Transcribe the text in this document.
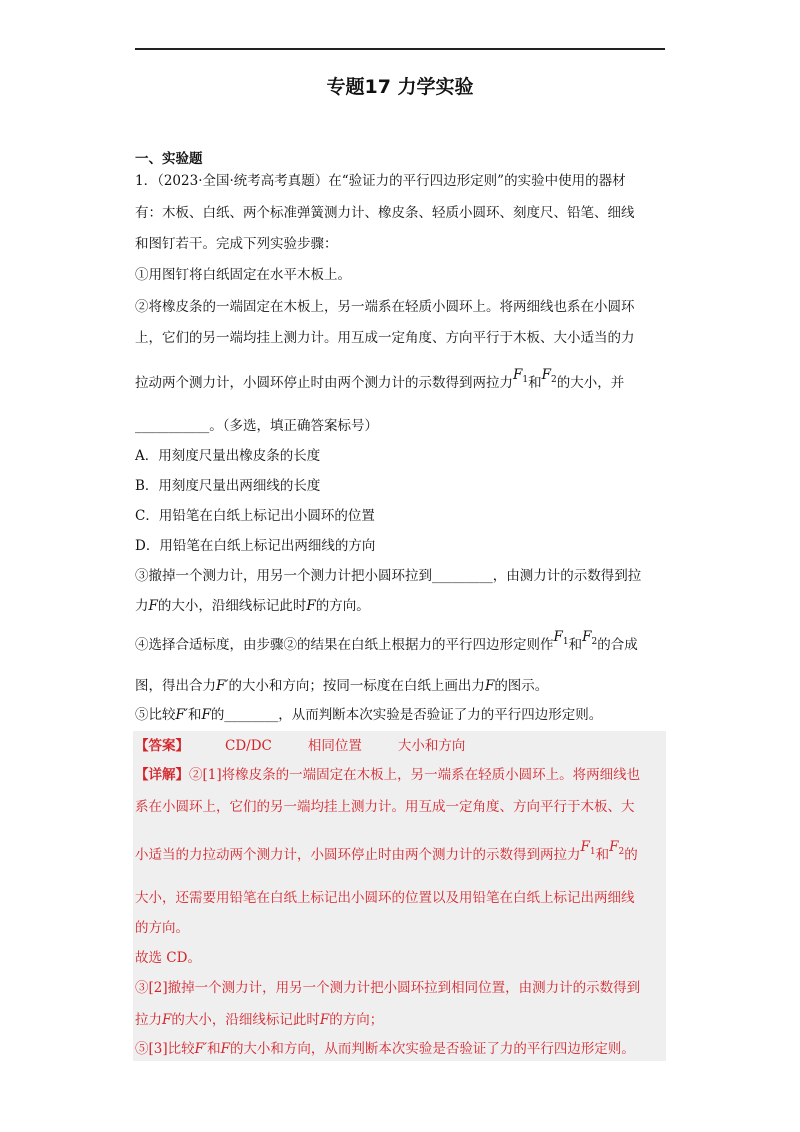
专题17 力学实验
一、实验题
1．（2023·全国·统考高考真题）在“验证力的平行四边形定则”的实验中使用的器材
有：木板、白纸、两个标准弹簧测力计、橡皮条、轻质小圆环、刻度尺、铅笔、细线
和图钉若干。完成下列实验步骤：
①用图钉将白纸固定在水平木板上。
②将橡皮条的一端固定在木板上，另一端系在轻质小圆环上。将两细线也系在小圆环
上，它们的另一端均挂上测力计。用互成一定角度、方向平行于木板、大小适当的力
拉动两个测力计，小圆环停止时由两个测力计的示数得到两拉力$F_1$和$F_2$的大小，并
___________。（多选，填正确答案标号）
A．用刻度尺量出橡皮条的长度
B．用刻度尺量出两细线的长度
C．用铅笔在白纸上标记出小圆环的位置
D．用铅笔在白纸上标记出两细线的方向
③撤掉一个测力计，用另一个测力计把小圆环拉到_________，由测力计的示数得到拉
力F的大小，沿细线标记此时F的方向。
④选择合适标度，由步骤②的结果在白纸上根据力的平行四边形定则作$F_1$和$F_2$的合成
图，得出合力F′的大小和方向；按同一标度在白纸上画出力F的图示。
⑤比较F′和F的________，从而判断本次实验是否验证了力的平行四边形定则。
【答案】	CD/DC	相同位置	大小和方向
【详解】②[1]将橡皮条的一端固定在木板上，另一端系在轻质小圆环上。将两细线也
系在小圆环上，它们的另一端均挂上测力计。用互成一定角度、方向平行于木板、大
小适当的力拉动两个测力计，小圆环停止时由两个测力计的示数得到两拉力$F_1$和$F_2$的
大小，还需要用铅笔在白纸上标记出小圆环的位置以及用铅笔在白纸上标记出两细线
的方向。
故选 CD。
③[2]撤掉一个测力计，用另一个测力计把小圆环拉到相同位置，由测力计的示数得到
拉力F的大小，沿细线标记此时F的方向；
⑤[3]比较F′和F的大小和方向，从而判断本次实验是否验证了力的平行四边形定则。
